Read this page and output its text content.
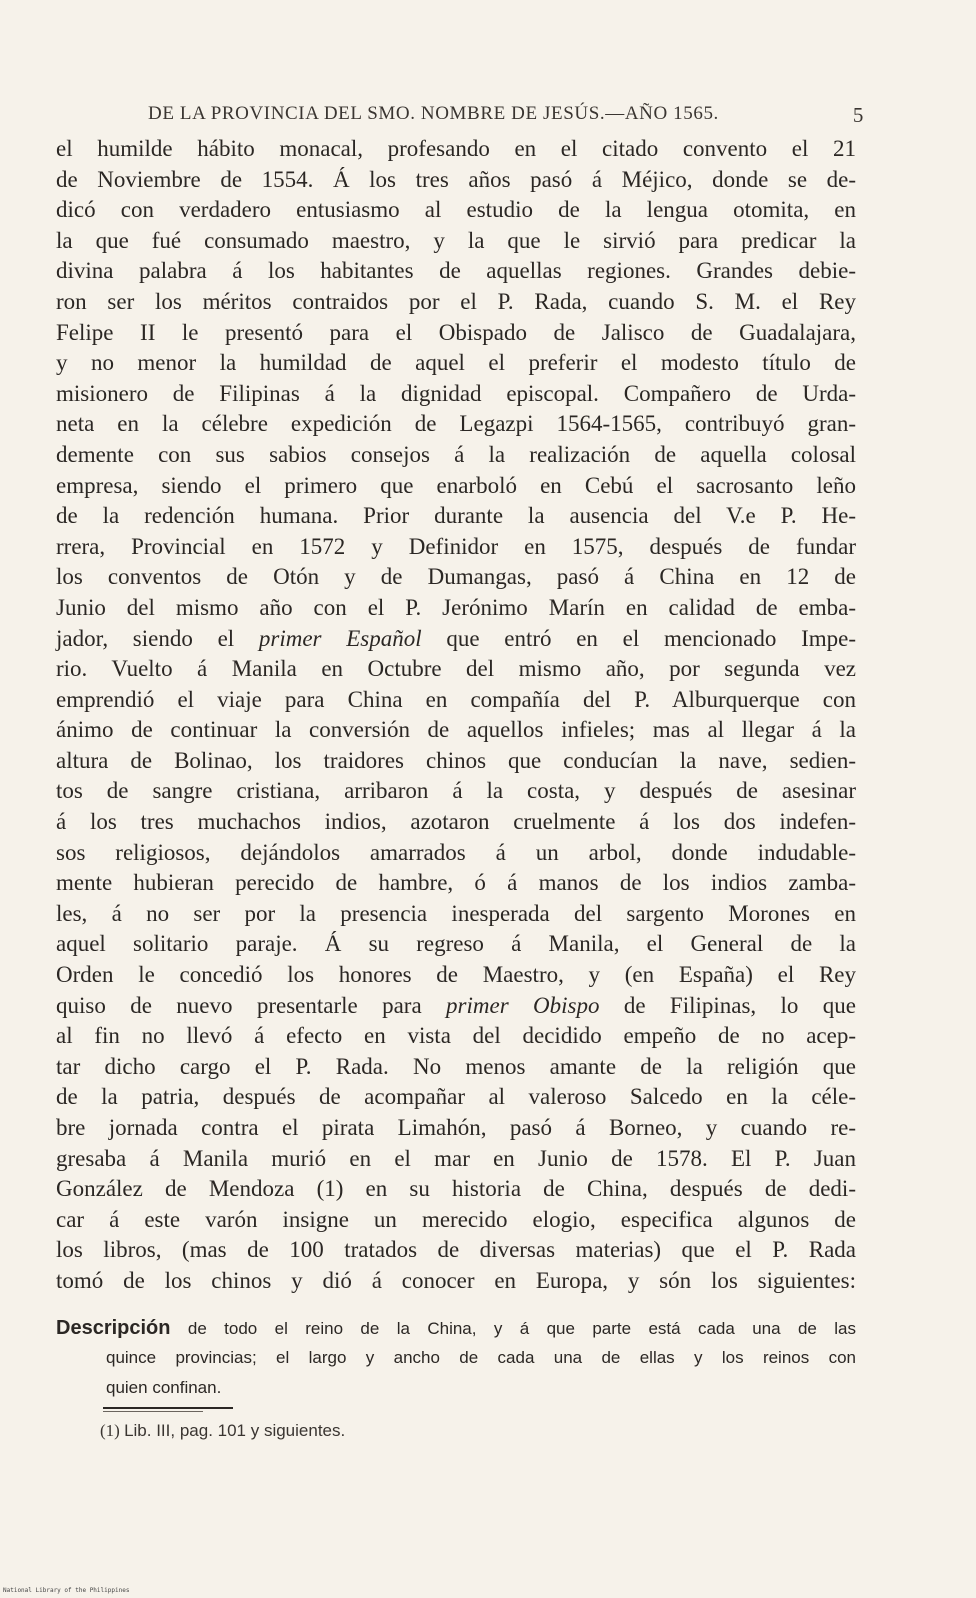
DE LA PROVINCIA DEL SMO. NOMBRE DE JESÚS.—AÑO 1565.	5
el humilde hábito monacal, profesando en el citado convento el 21
de Noviembre de 1554. Á los tres años pasó á Méjico, donde se de-
dicó con verdadero entusiasmo al estudio de la lengua otomita, en
la que fué consumado maestro, y la que le sirvió para predicar la
divina palabra á los habitantes de aquellas regiones. Grandes debie-
ron ser los méritos contraidos por el P. Rada, cuando S. M. el Rey
Felipe II le presentó para el Obispado de Jalisco de Guadalajara,
y no menor la humildad de aquel el preferir el modesto título de
misionero de Filipinas á la dignidad episcopal. Compañero de Urda-
neta en la célebre expedición de Legazpi 1564-1565, contribuyó gran-
demente con sus sabios consejos á la realización de aquella colosal
empresa, siendo el primero que enarboló en Cebú el sacrosanto leño
de la redención humana. Prior durante la ausencia del V.e P. He-
rrera, Provincial en 1572 y Definidor en 1575, después de fundar
los conventos de Otón y de Dumangas, pasó á China en 12 de
Junio del mismo año con el P. Jerónimo Marín en calidad de emba-
jador, siendo el primer Español que entró en el mencionado Impe-
rio. Vuelto á Manila en Octubre del mismo año, por segunda vez
emprendió el viaje para China en compañía del P. Alburquerque con
ánimo de continuar la conversión de aquellos infieles; mas al llegar á la
altura de Bolinao, los traidores chinos que conducían la nave, sedien-
tos de sangre cristiana, arribaron á la costa, y después de asesinar
á los tres muchachos indios, azotaron cruelmente á los dos indefen-
sos religiosos, dejándolos amarrados á un arbol, donde indudable-
mente hubieran perecido de hambre, ó á manos de los indios zamba-
les, á no ser por la presencia inesperada del sargento Morones en
aquel solitario paraje. Á su regreso á Manila, el General de la
Orden le concedió los honores de Maestro, y (en España) el Rey
quiso de nuevo presentarle para primer Obispo de Filipinas, lo que
al fin no llevó á efecto en vista del decidido empeño de no acep-
tar dicho cargo el P. Rada. No menos amante de la religión que
de la patria, después de acompañar al valeroso Salcedo en la céle-
bre jornada contra el pirata Limahón, pasó á Borneo, y cuando re-
gresaba á Manila murió en el mar en Junio de 1578. El P. Juan
González de Mendoza (1) en su historia de China, después de dedi-
car á este varón insigne un merecido elogio, especifica algunos de
los libros, (mas de 100 tratados de diversas materias) que el P. Rada
tomó de los chinos y dió á conocer en Europa, y són los siguientes:
Descripción de todo el reino de la China, y á que parte está cada una de las
quince provincias; el largo y ancho de cada una de ellas y los reinos con
quien confinan.
(1) Lib. III, pag. 101 y siguientes.
National Library of the Philippines
